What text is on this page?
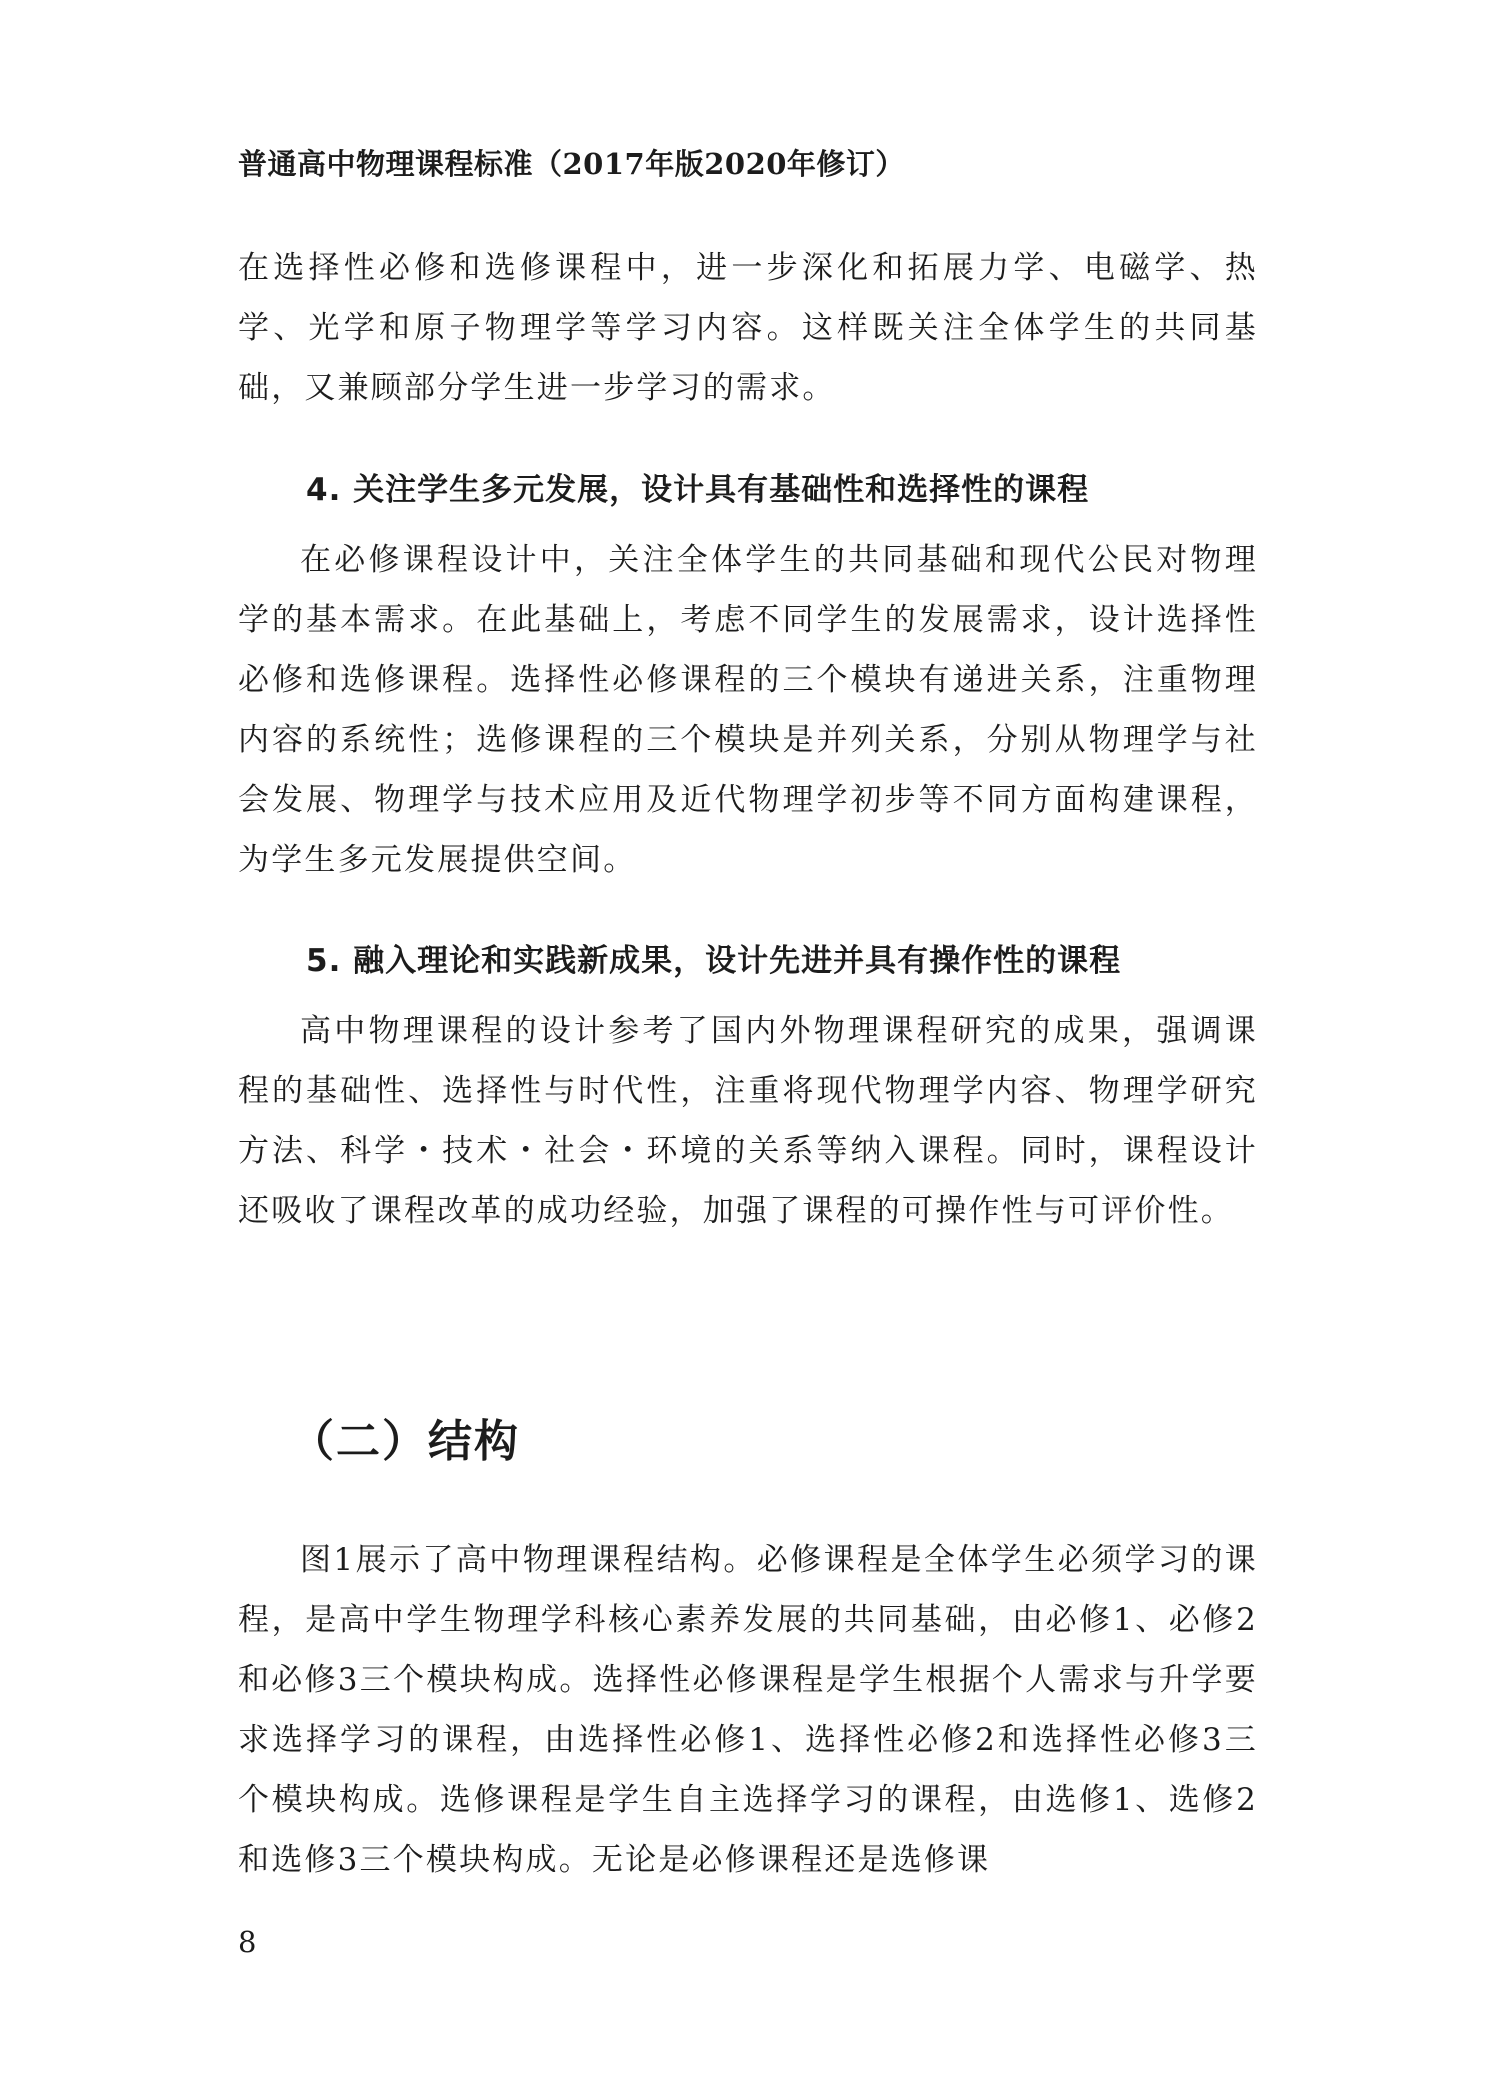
普通高中物理课程标准（2017年版2020年修订）

在选择性必修和选修课程中，进一步深化和拓展力学、电磁学、热学、光学和原子物理学等学习内容。这样既关注全体学生的共同基础，又兼顾部分学生进一步学习的需求。

4. 关注学生多元发展，设计具有基础性和选择性的课程

在必修课程设计中，关注全体学生的共同基础和现代公民对物理学的基本需求。在此基础上，考虑不同学生的发展需求，设计选择性必修和选修课程。选择性必修课程的三个模块有递进关系，注重物理内容的系统性；选修课程的三个模块是并列关系，分别从物理学与社会发展、物理学与技术应用及近代物理学初步等不同方面构建课程，为学生多元发展提供空间。

5. 融入理论和实践新成果，设计先进并具有操作性的课程

高中物理课程的设计参考了国内外物理课程研究的成果，强调课程的基础性、选择性与时代性，注重将现代物理学内容、物理学研究方法、科学・技术・社会・环境的关系等纳入课程。同时，课程设计还吸收了课程改革的成功经验，加强了课程的可操作性与可评价性。

（二）结构

图1展示了高中物理课程结构。必修课程是全体学生必须学习的课程，是高中学生物理学科核心素养发展的共同基础，由必修1、必修2和必修3三个模块构成。选择性必修课程是学生根据个人需求与升学要求选择学习的课程，由选择性必修1、选择性必修2和选择性必修3三个模块构成。选修课程是学生自主选择学习的课程，由选修1、选修2和选修3三个模块构成。无论是必修课程还是选修课

8
